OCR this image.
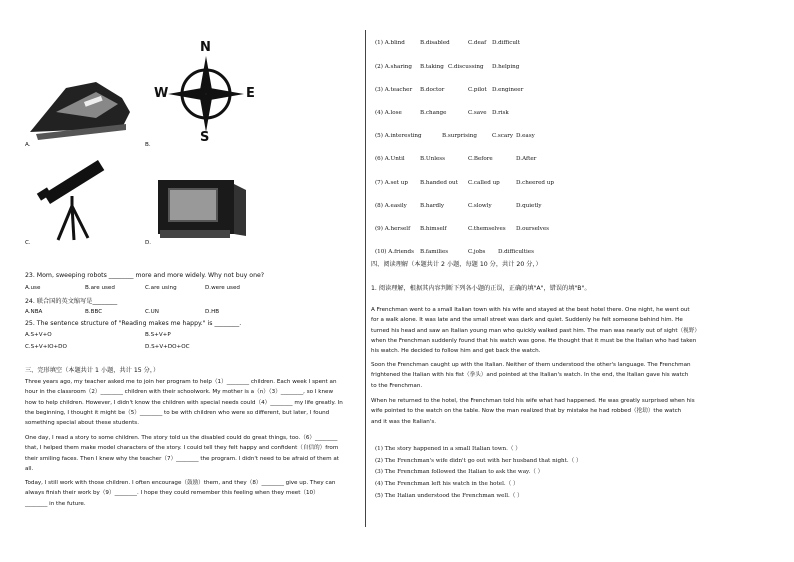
A.
N
W	E
S
B.
C.	D.
23. Mom, sweeping robots ________ more and more widely. Why not buy one?
A.use	B.are used	C.are using	D.were used
24. 联合国的英文缩写是________
A.NBA	B.BBC	C.UN	D.HB
25. The sentence structure of "Reading makes me happy." is ________.
A.S+V+O	B.S+V+P
C.S+V+IO+DO	D.S+V+DO+OC
三、完形填空（本题共计 1 小题，共计 15 分，）
Three years ago, my teacher asked me to join her program to help（1）________ children. Each week I spent an
hour in the classroom（2）________ children with their schoolwork. My mother is a（n）（3）________, so I knew
how to help children. However, I didn't know the children with special needs could（4）________ my life greatly. In
the beginning, I thought it might be（5）________ to be with children who were so different, but later, I found
something special about these students.
One day, I read a story to some children. The story told us the disabled could do great things, too.（6）________
that, I helped them make model characters of the story. I could tell they felt happy and confident（自信的）from
their smiling faces. Then I knew why the teacher（7）________ the program. I didn't need to be afraid of them at
all.
Today, I still work with those children. I often encourage（鼓励）them, and they（8）________ give up. They can
always finish their work by（9）________. I hope they could remember this feeling when they meet（10）
________ in the future.
(1) A.blind	B.disabled	C.deaf D.difficult
(2) A.sharing B.taking C.discussing D.helping
(3) A.teacher B.doctor	C.pilot D.engineer
(4) A.lose	B.change	C.save D.risk
(5) A.interesting	B.surprising	C.scary D.easy
(6) A.Until	B.Unless	C.Before	D.After
(7) A.set up B.handed out C.called up	D.cheered up
(8) A.easily B.hardly	C.slowly	D.quietly
(9) A.herself B.himself	C.themselves D.ourselves
(10) A.friends B.families	C.jobs D.difficulties
四、阅读理解（本题共计 2 小题，每题 10 分，共计 20 分，）
1. 阅读理解，根据其内容判断下列各小题的正误，正确的填"A"，错误的填"B"。
A Frenchman went to a small Italian town with his wife and stayed at the best hotel there. One night, he went out
for a walk alone. It was late and the small street was dark and quiet. Suddenly he felt someone behind him. He
turned his head and saw an Italian young man who quickly walked past him. The man was nearly out of sight（视野）
when the Frenchman suddenly found that his watch was gone. He thought that it must be the Italian who had taken
his watch. He decided to follow him and get back the watch.
Soon the Frenchman caught up with the Italian. Neither of them understood the other's language. The Frenchman
frightened the Italian with his fist（拳头）and pointed at the Italian's watch. In the end, the Italian gave his watch
to the Frenchman.
When he returned to the hotel, the Frenchman told his wife what had happened. He was greatly surprised when his
wife pointed to the watch on the table. Now the man realized that by mistake he had robbed（抢劫）the watch
and it was the Italian's.
(1) The story happened in a small Italian town.（ ）
(2) The Frenchman's wife didn't go out with her husband that night.（ ）
(3) The Frenchman followed the Italian to ask the way.（ ）
(4) The Frenchman left his watch in the hotel.（ ）
(5) The Italian understood the Frenchman well.（ ）
